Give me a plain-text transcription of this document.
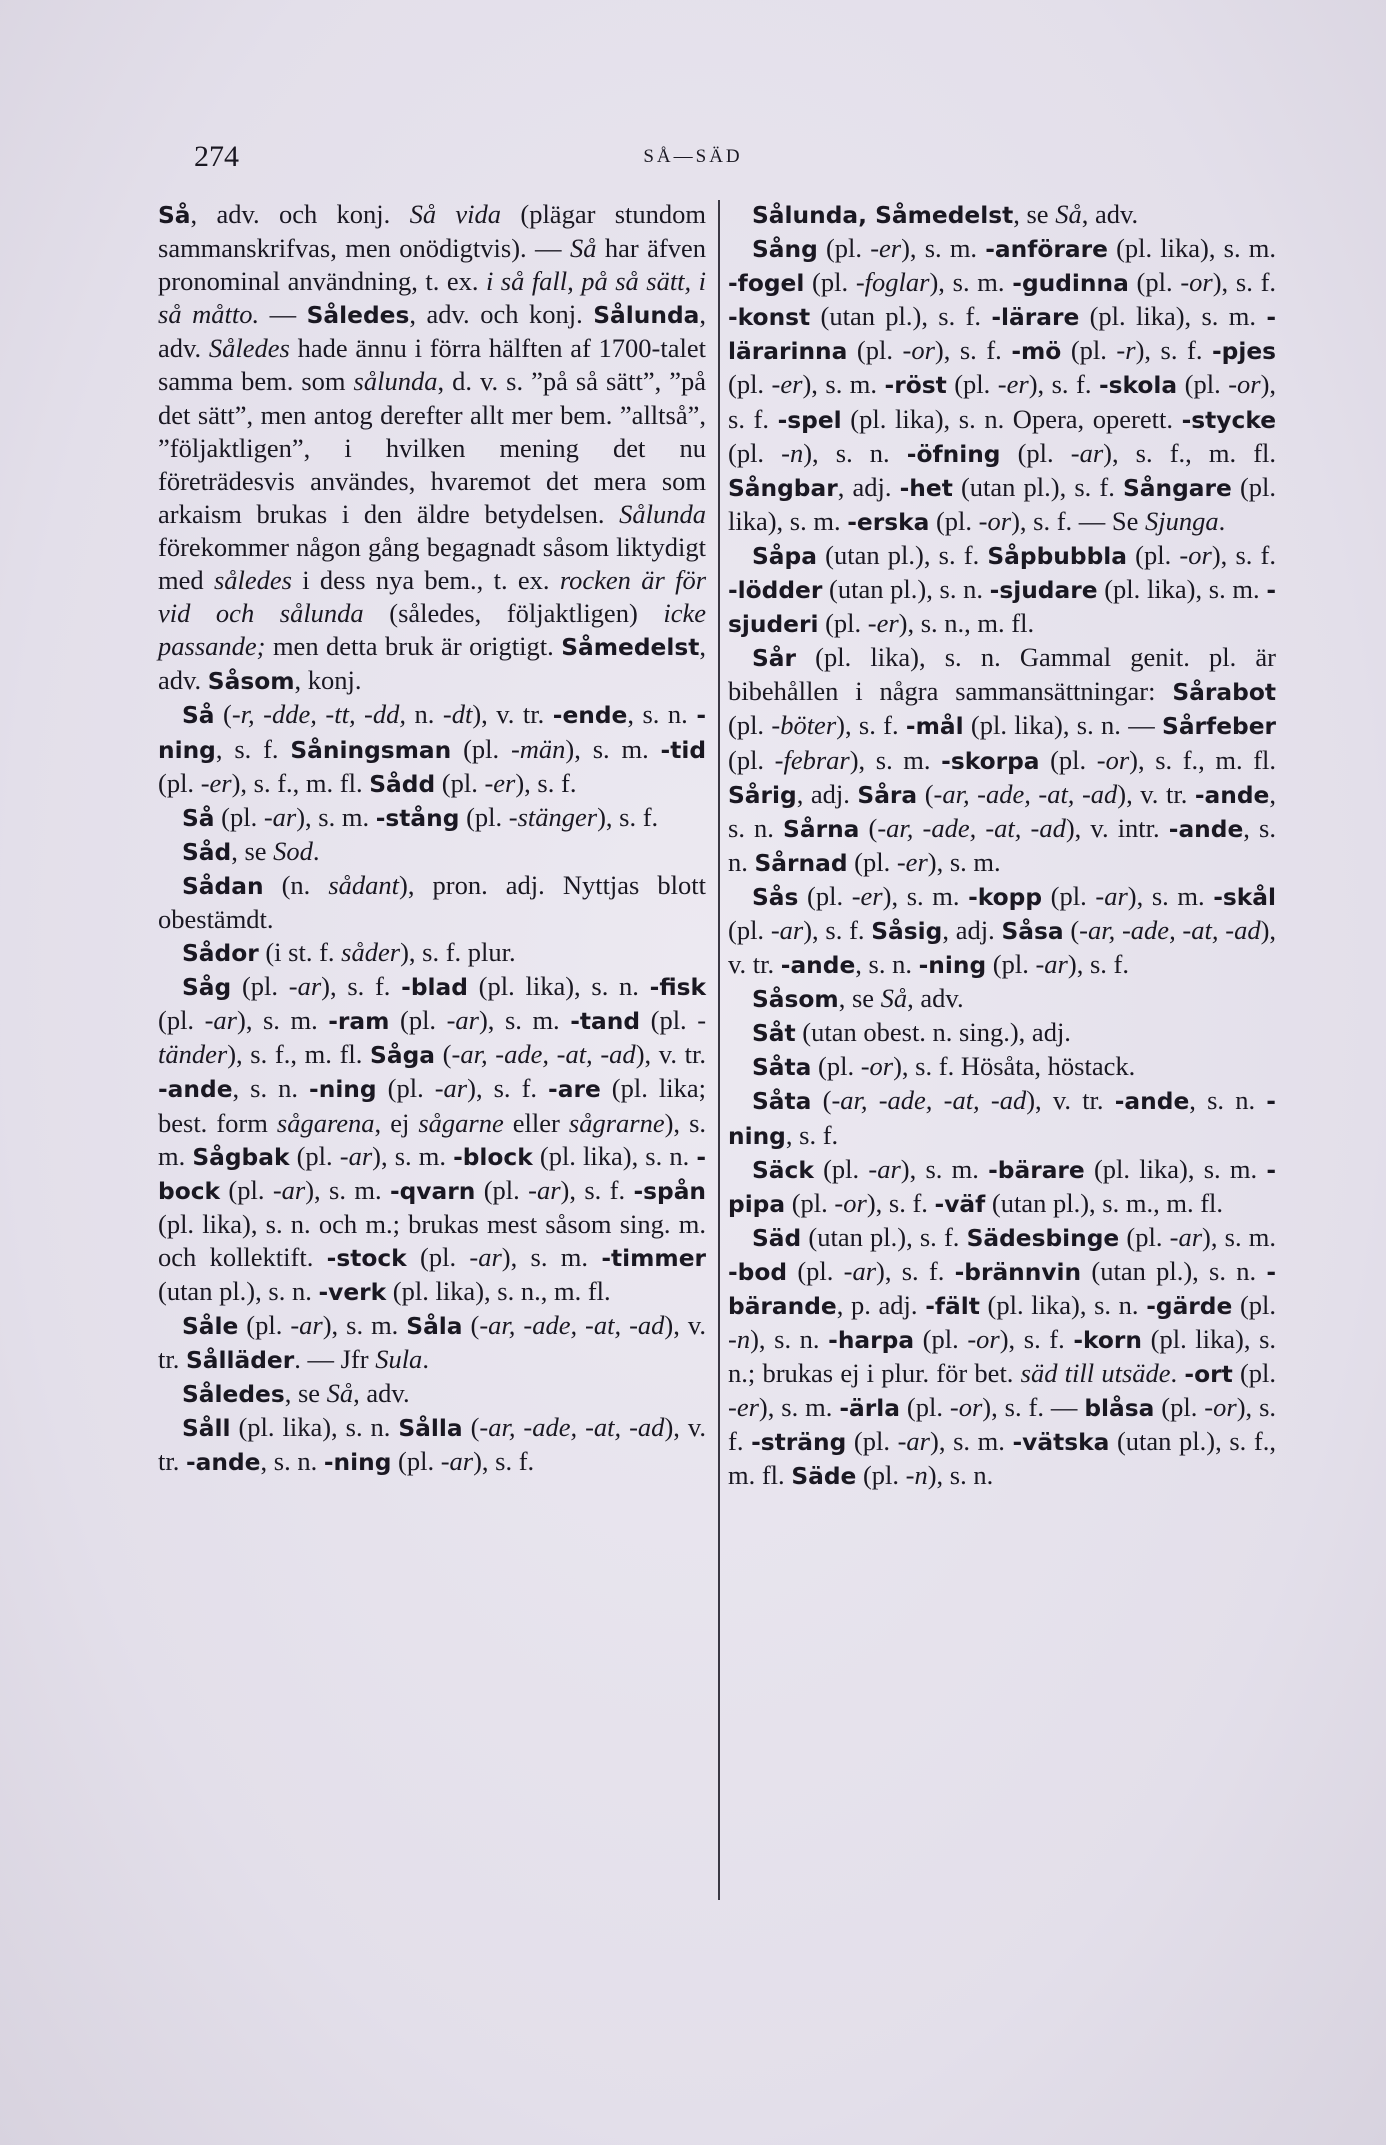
274	SÅ—SÄD

Så, adv. och konj. Så vida (plägar stundom sammanskrifvas, men onödigtvis). — Så har äfven pronominal användning, t. ex. i så fall, på så sätt, i så måtto. — Således, adv. och konj. Sålunda, adv. Således hade ännu i förra hälften af 1700-talet samma bem. som sålunda, d. v. s. ”på så sätt”, ”på det sätt”, men antog derefter allt mer bem. ”alltså”, ”följaktligen”, i hvilken mening det nu företrädesvis användes, hvaremot det mera som arkaism brukas i den äldre betydelsen. Sålunda förekommer någon gång begagnadt såsom liktydigt med således i dess nya bem., t. ex. rocken är för vid och sålunda (således, följaktligen) icke passande; men detta bruk är origtigt. Såmedelst, adv. Såsom, konj.

Så (-r, -dde, -tt, -dd, n. -dt), v. tr. -ende, s. n. -ning, s. f. Såningsman (pl. -män), s. m. -tid (pl. -er), s. f., m. fl. Sådd (pl. -er), s. f.

Så (pl. -ar), s. m. -stång (pl. -stänger), s. f.

Såd, se Sod.

Sådan (n. sådant), pron. adj. Nyttjas blott obestämdt.

Sådor (i st. f. såder), s. f. plur.

Såg (pl. -ar), s. f. -blad (pl. lika), s. n. -fisk (pl. -ar), s. m. -ram (pl. -ar), s. m. -tand (pl. -tänder), s. f., m. fl. Såga (-ar, -ade, -at, -ad), v. tr. -ande, s. n. -ning (pl. -ar), s. f. -are (pl. lika; best. form sågarena, ej sågarne eller sågrarne), s. m. Sågbak (pl. -ar), s. m. -block (pl. lika), s. n. -bock (pl. -ar), s. m. -qvarn (pl. -ar), s. f. -spån (pl. lika), s. n. och m.; brukas mest såsom sing. m. och kollektift. -stock (pl. -ar), s. m. -timmer (utan pl.), s. n. -verk (pl. lika), s. n., m. fl.

Såle (pl. -ar), s. m. Såla (-ar, -ade, -at, -ad), v. tr. Sålläder. — Jfr Sula.

Således, se Så, adv.

Såll (pl. lika), s. n. Sålla (-ar, -ade, -at, -ad), v. tr. -ande, s. n. -ning (pl. -ar), s. f.

Sålunda, Såmedelst, se Så, adv.

Sång (pl. -er), s. m. -anförare (pl. lika), s. m. -fogel (pl. -foglar), s. m. -gudinna (pl. -or), s. f. -konst (utan pl.), s. f. -lärare (pl. lika), s. m. -lärarinna (pl. -or), s. f. -mö (pl. -r), s. f. -pjes (pl. -er), s. m. -röst (pl. -er), s. f. -skola (pl. -or), s. f. -spel (pl. lika), s. n. Opera, operett. -stycke (pl. -n), s. n. -öfning (pl. -ar), s. f., m. fl. Sångbar, adj. -het (utan pl.), s. f. Sångare (pl. lika), s. m. -erska (pl. -or), s. f. — Se Sjunga.

Såpa (utan pl.), s. f. Såpbubbla (pl. -or), s. f. -lödder (utan pl.), s. n. -sjudare (pl. lika), s. m. -sjuderi (pl. -er), s. n., m. fl.

Sår (pl. lika), s. n. Gammal genit. pl. är bibehållen i några sammansättningar: Sårabot (pl. -böter), s. f. -mål (pl. lika), s. n. — Sårfeber (pl. -febrar), s. m. -skorpa (pl. -or), s. f., m. fl. Sårig, adj. Såra (-ar, -ade, -at, -ad), v. tr. -ande, s. n. Sårna (-ar, -ade, -at, -ad), v. intr. -ande, s. n. Sårnad (pl. -er), s. m.

Sås (pl. -er), s. m. -kopp (pl. -ar), s. m. -skål (pl. -ar), s. f. Såsig, adj. Såsa (-ar, -ade, -at, -ad), v. tr. -ande, s. n. -ning (pl. -ar), s. f.

Såsom, se Så, adv.

Såt (utan obest. n. sing.), adj.

Såta (pl. -or), s. f. Hösåta, höstack.

Såta (-ar, -ade, -at, -ad), v. tr. -ande, s. n. -ning, s. f.

Säck (pl. -ar), s. m. -bärare (pl. lika), s. m. -pipa (pl. -or), s. f. -väf (utan pl.), s. m., m. fl.

Säd (utan pl.), s. f. Sädesbinge (pl. -ar), s. m. -bod (pl. -ar), s. f. -brännvin (utan pl.), s. n. -bärande, p. adj. -fält (pl. lika), s. n. -gärde (pl. -n), s. n. -harpa (pl. -or), s. f. -korn (pl. lika), s. n.; brukas ej i plur. för bet. säd till utsäde. -ort (pl. -er), s. m. -ärla (pl. -or), s. f. — blåsa (pl. -or), s. f. -sträng (pl. -ar), s. m. -vätska (utan pl.), s. f., m. fl. Säde (pl. -n), s. n.
